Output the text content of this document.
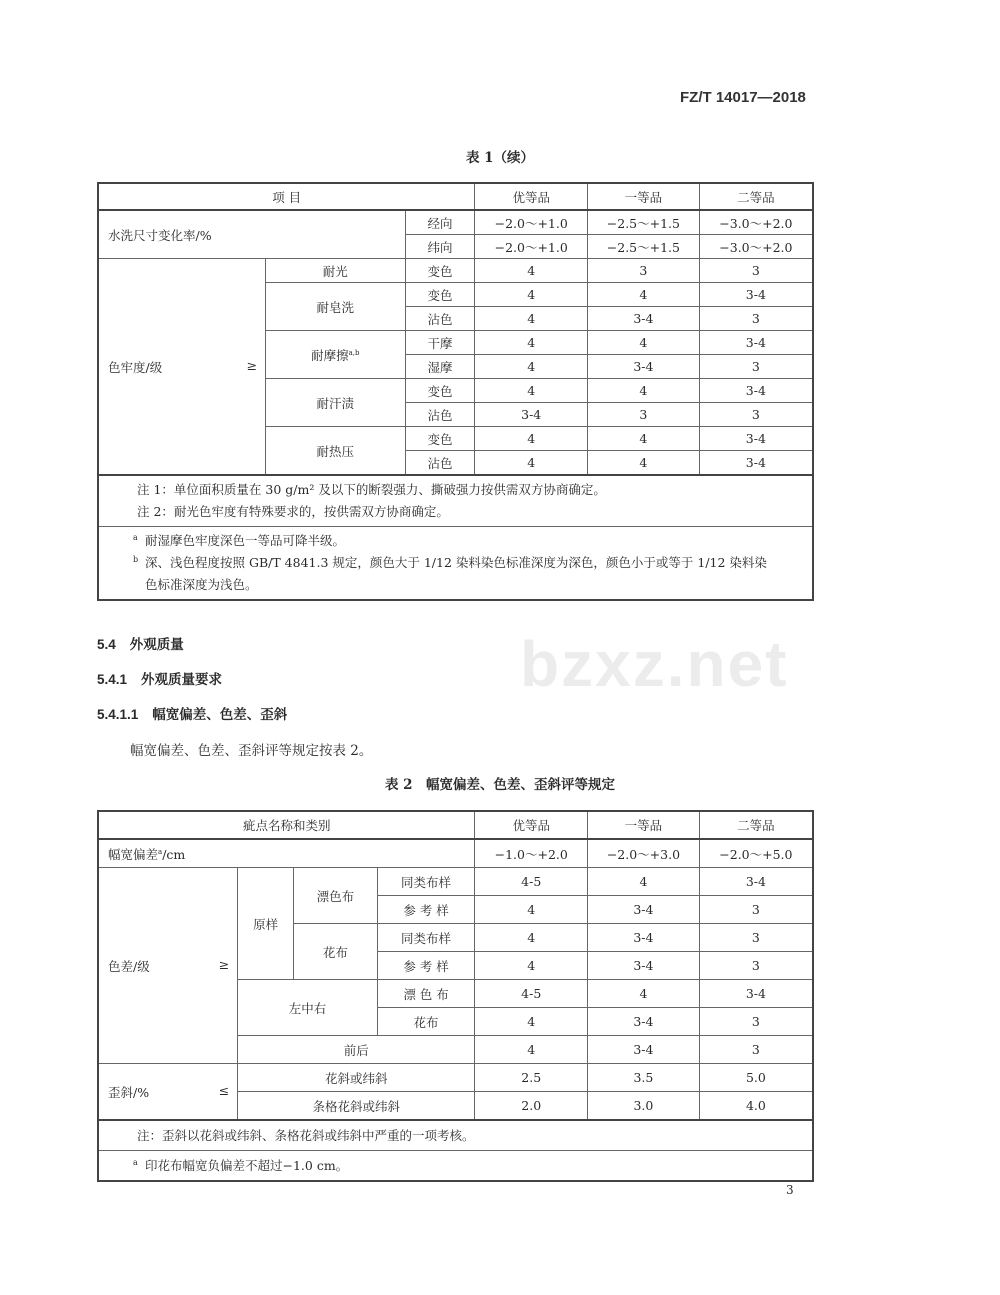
FZ/T 14017—2018
bzxz.net
表 1（续）
项 目			优等品	一等品	二等品
水洗尺寸变化率/%		经向	−2.0～+1.0	−2.5～+1.5	−3.0～+2.0
		纬向	−2.0～+1.0	−2.5～+1.5	−3.0～+2.0

色牢度/级 ≥	耐光	变色	4	3	3
	耐皂洗	变色	4	4	3-4
		沾色	4	3-4	3
	耐摩擦$^{a,b}$	干摩	4	4	3-4
		湿摩	4	3-4	3
	耐汗渍	变色	4	4	3-4
		沾色	3-4	3	3
	耐热压	变色	4	4	3-4
		沾色	4	4	3-4

注 1：单位面积质量在 30 g/m² 及以下的断裂强力、撕破强力按供需双方协商确定。
注 2：耐光色牢度有特殊要求的，按供需双方协商确定。					

a 耐湿摩色牢度深色一等品可降半级。
b 深、浅色程度按照 GB/T 4841.3 规定，颜色大于 1/12 染料染色标准深度为深色，颜色小于或等于 1/12 染料染
色标准深度为浅色。					
5.4 外观质量
5.4.1 外观质量要求
5.4.1.1 幅宽偏差、色差、歪斜
幅宽偏差、色差、歪斜评等规定按表 2。
表 2　幅宽偏差、色差、歪斜评等规定
疵点名称和类别				优等品	一等品	二等品
幅宽偏差$^a$/cm				−1.0～+2.0	−2.0～+3.0	−2.0～+5.0

色差/级 ≥	原样	漂色布	同类布样	4-5	4	3-4
			参 考 样	4	3-4	3
		花布	同类布样	4	3-4	3
			参 考 样	4	3-4	3
	左中右		漂 色 布	4-5	4	3-4
			花布	4	3-4	3
	前后			4	3-4	3

歪斜/% ≤	花斜或纬斜			2.5	3.5	5.0
	条格花斜或纬斜			2.0	3.0	4.0
注：歪斜以花斜或纬斜、条格花斜或纬斜中严重的一项考核。						

a 印花布幅宽负偏差不超过−1.0 cm。						
3
